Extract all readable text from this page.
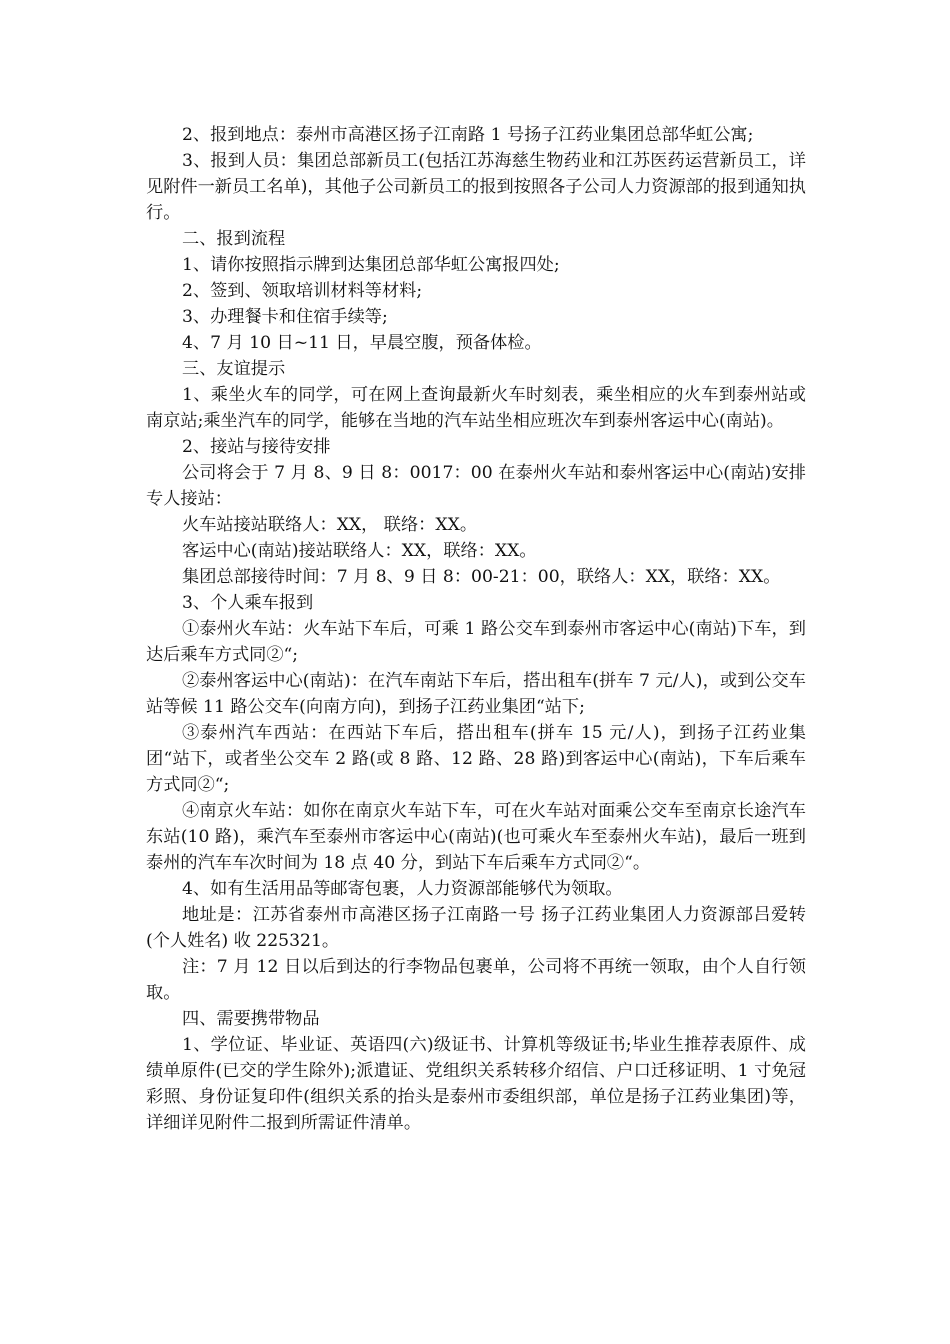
2、报到地点：泰州市高港区扬子江南路 1 号扬子江药业集团总部华虹公寓;

3、报到人员：集团总部新员工(包括江苏海慈生物药业和江苏医药运营新员工，详见附件一新员工名单)，其他子公司新员工的报到按照各子公司人力资源部的报到通知执行。

二、报到流程

1、请你按照指示牌到达集团总部华虹公寓报四处;

2、签到、领取培训材料等材料;

3、办理餐卡和住宿手续等;

4、7 月 10 日~11 日，早晨空腹，预备体检。

三、友谊提示

1、乘坐火车的同学，可在网上查询最新火车时刻表，乘坐相应的火车到泰州站或南京站;乘坐汽车的同学，能够在当地的汽车站坐相应班次车到泰州客运中心(南站)。

2、接站与接待安排

公司将会于 7 月 8、9 日 8：0017：00 在泰州火车站和泰州客运中心(南站)安排专人接站：

火车站接站联络人：XX， 联络：XX。

客运中心(南站)接站联络人：XX，联络：XX。

集团总部接待时间：7 月 8、9 日 8：00-21：00，联络人：XX，联络：XX。

3、个人乘车报到

①泰州火车站：火车站下车后，可乘 1 路公交车到泰州市客运中心(南站)下车，到达后乘车方式同②“;

②泰州客运中心(南站)：在汽车南站下车后，搭出租车(拼车 7 元/人)，或到公交车站等候 11 路公交车(向南方向)，到扬子江药业集团“站下;

③泰州汽车西站：在西站下车后，搭出租车(拼车 15 元/人)，到扬子江药业集团“站下，或者坐公交车 2 路(或 8 路、12 路、28 路)到客运中心(南站)，下车后乘车方式同②“;

④南京火车站：如你在南京火车站下车，可在火车站对面乘公交车至南京长途汽车东站(10 路)，乘汽车至泰州市客运中心(南站)(也可乘火车至泰州火车站)，最后一班到泰州的汽车车次时间为 18 点 40 分，到站下车后乘车方式同②“。

4、如有生活用品等邮寄包裹，人力资源部能够代为领取。

地址是：江苏省泰州市高港区扬子江南路一号 扬子江药业集团人力资源部吕爱转(个人姓名) 收 225321。

注：7 月 12 日以后到达的行李物品包裹单，公司将不再统一领取，由个人自行领取。

四、需要携带物品

1、学位证、毕业证、英语四(六)级证书、计算机等级证书;毕业生推荐表原件、成绩单原件(已交的学生除外);派遣证、党组织关系转移介绍信、户口迁移证明、1 寸免冠彩照、身份证复印件(组织关系的抬头是泰州市委组织部，单位是扬子江药业集团)等，详细详见附件二报到所需证件清单。
